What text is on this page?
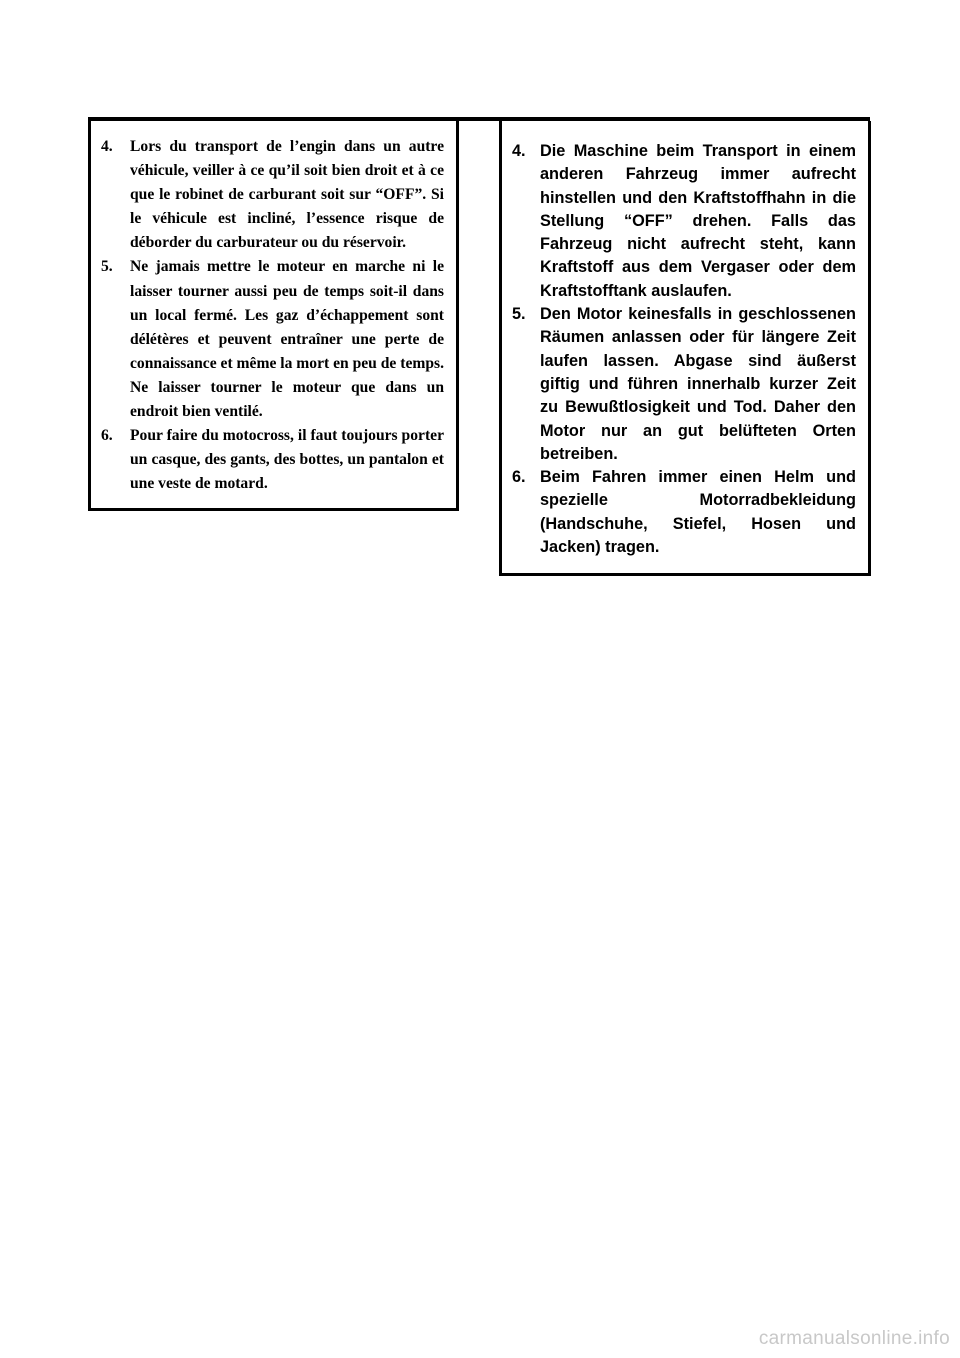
4. Lors du transport de l’engin dans un autre véhicule, veiller à ce qu’il soit bien droit et à ce que le robinet de carburant soit sur “OFF”. Si le véhicule est incliné, l’essence risque de déborder du carburateur ou du réservoir.
5. Ne jamais mettre le moteur en marche ni le laisser tourner aussi peu de temps soit-il dans un local fermé. Les gaz d’échappement sont délétères et peuvent entraîner une perte de connaissance et même la mort en peu de temps. Ne laisser tourner le moteur que dans un endroit bien ventilé.
6. Pour faire du motocross, il faut toujours porter un casque, des gants, des bottes, un pantalon et une veste de motard.
4. Die Maschine beim Transport in einem anderen Fahrzeug immer aufrecht hinstellen und den Kraftstoffhahn in die Stellung “OFF” drehen. Falls das Fahrzeug nicht aufrecht steht, kann Kraftstoff aus dem Vergaser oder dem Kraftstofftank auslaufen.
5. Den Motor keinesfalls in geschlossenen Räumen anlassen oder für längere Zeit laufen lassen. Abgase sind äußerst giftig und führen innerhalb kurzer Zeit zu Bewußtlosigkeit und Tod. Daher den Motor nur an gut belüfteten Orten betreiben.
6. Beim Fahren immer einen Helm und spezielle Motorradbekleidung (Handschuhe, Stiefel, Hosen und Jacken) tragen.
carmanualsonline.info
